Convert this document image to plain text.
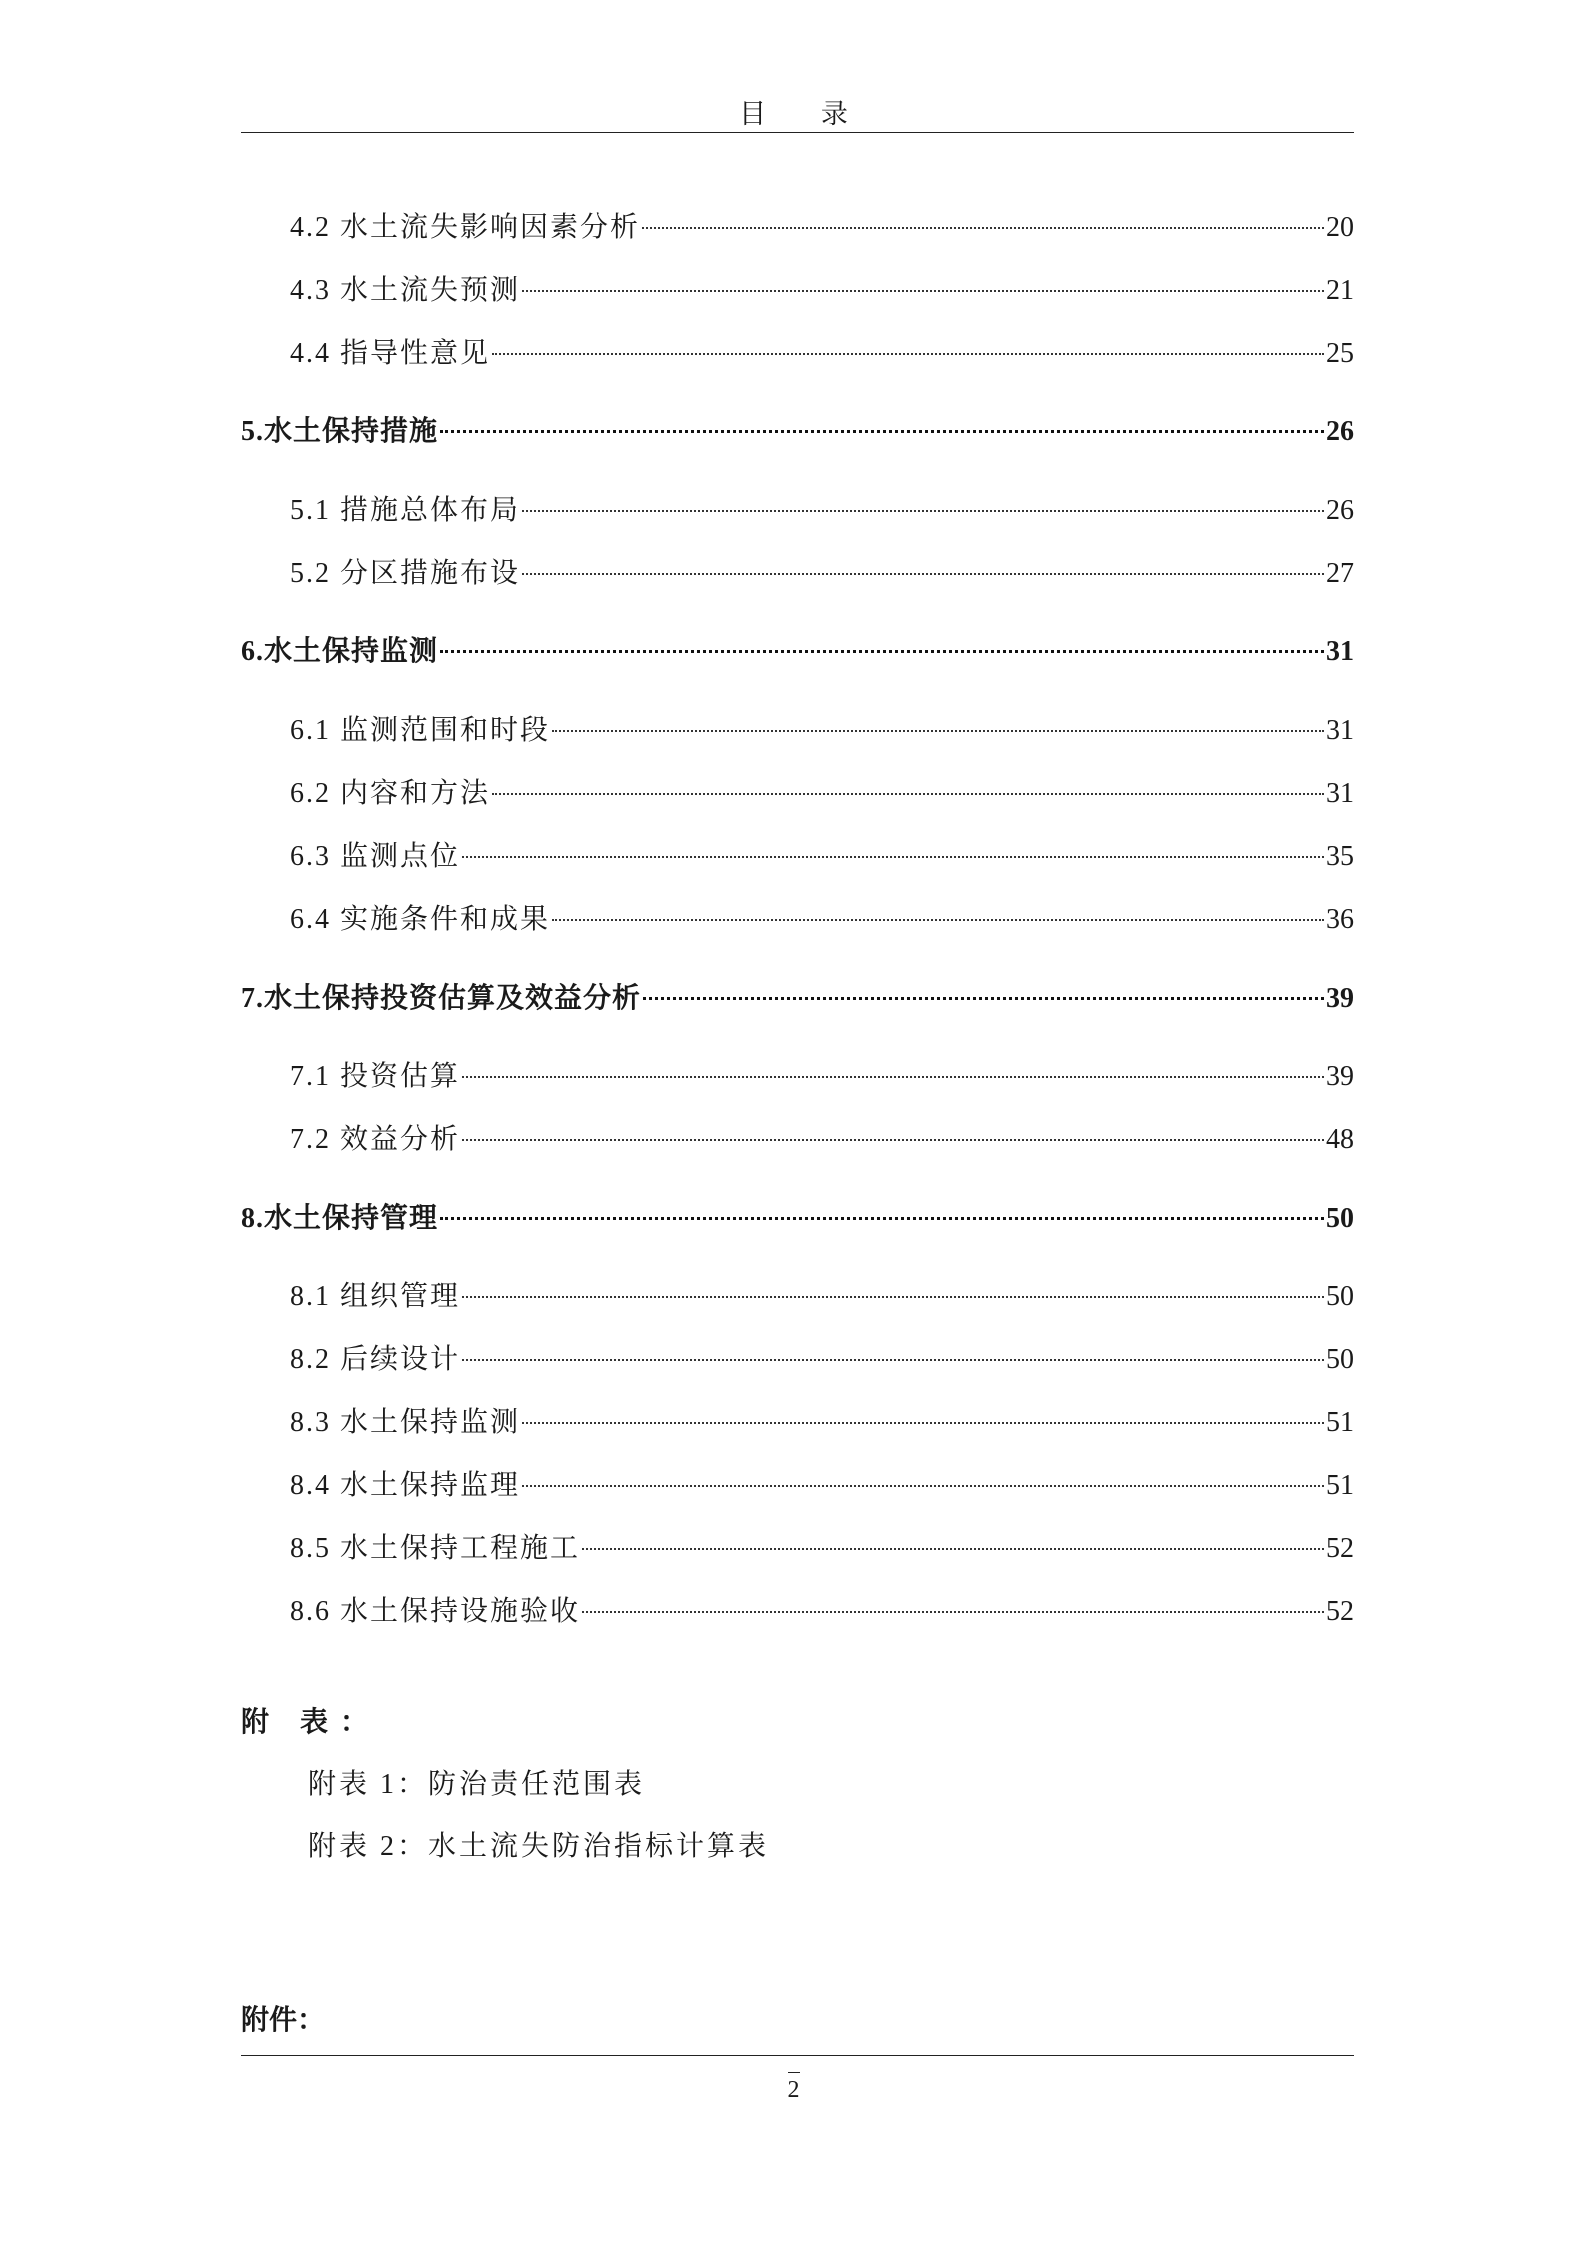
目 录
4.2 水土流失影响因素分析	20
4.3 水土流失预测	21
4.4 指导性意见	25
5.水土保持措施	26
5.1 措施总体布局	26
5.2 分区措施布设	27
6.水土保持监测	31
6.1 监测范围和时段	31
6.2 内容和方法	31
6.3 监测点位	35
6.4 实施条件和成果	36
7.水土保持投资估算及效益分析	39
7.1 投资估算	39
7.2 效益分析	48
8.水土保持管理	50
8.1 组织管理	50
8.2 后续设计	50
8.3 水土保持监测	51
8.4 水土保持监理	51
8.5 水土保持工程施工	52
8.6 水土保持设施验收	52
附 表：
附表 1：防治责任范围表
附表 2：水土流失防治指标计算表
附件：
2
